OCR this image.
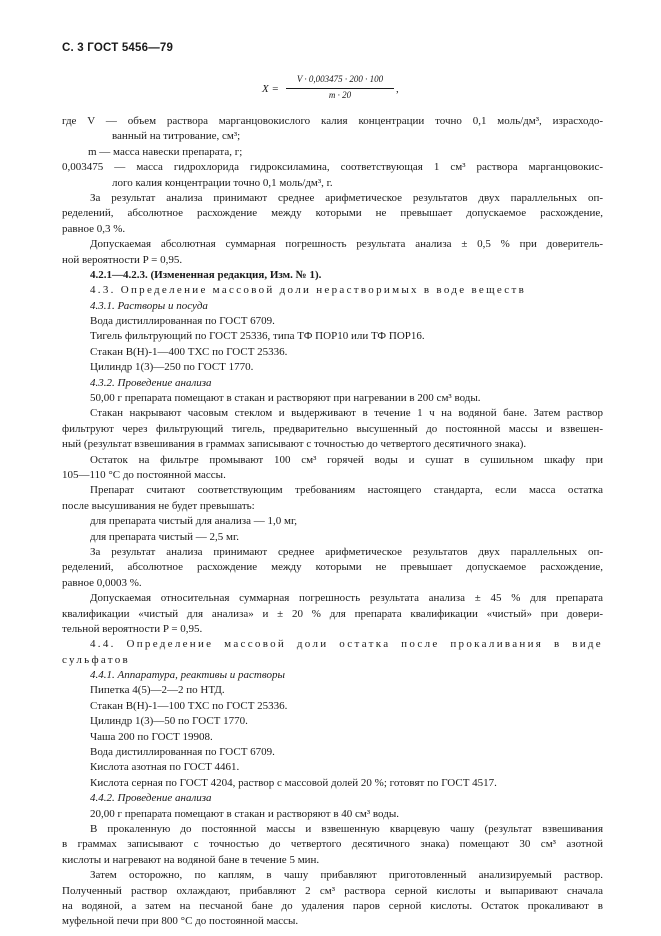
С. 3 ГОСТ 5456—79
X =
V · 0,003475 · 200 · 100
m · 20	,
где V — объем раствора марганцовокислого калия концентрации точно 0,1 моль/дм³, израсходо-
ванный на титрование, см³;
m — масса навески препарата, г;
0,003475 — масса гидрохлорида гидроксиламина, соответствующая 1 см³ раствора марганцовокис-
лого калия концентрации точно 0,1 моль/дм³, г.
За результат анализа принимают среднее арифметическое результатов двух параллельных оп-
ределений, абсолютное расхождение между которыми не превышает допускаемое расхождение,
равное 0,3 %.
Допускаемая абсолютная суммарная погрешность результата анализа ± 0,5 % при доверитель-
ной вероятности P = 0,95.
4.2.1—4.2.3. (Измененная редакция, Изм. № 1).
4.3. Определение массовой доли нерастворимых в воде веществ
4.3.1. Растворы и посуда
Вода дистиллированная по ГОСТ 6709.
Тигель фильтрующий по ГОСТ 25336, типа ТФ ПОР10 или ТФ ПОР16.
Стакан В(Н)-1—400 ТХС по ГОСТ 25336.
Цилиндр 1(3)—250 по ГОСТ 1770.
4.3.2. Проведение анализа
50,00 г препарата помещают в стакан и растворяют при нагревании в 200 см³ воды.
Стакан накрывают часовым стеклом и выдерживают в течение 1 ч на водяной бане. Затем раствор
фильтруют через фильтрующий тигель, предварительно высушенный до постоянной массы и взвешен-
ный (результат взвешивания в граммах записывают с точностью до четвертого десятичного знака).
Остаток на фильтре промывают 100 см³ горячей воды и сушат в сушильном шкафу при
105—110 °С до постоянной массы.
Препарат считают соответствующим требованиям настоящего стандарта, если масса остатка
после высушивания не будет превышать:
для препарата чистый для анализа — 1,0 мг,
для препарата чистый — 2,5 мг.
За результат анализа принимают среднее арифметическое результатов двух параллельных оп-
ределений, абсолютное расхождение между которыми не превышает допускаемое расхождение,
равное 0,0003 %.
Допускаемая относительная суммарная погрешность результата анализа ± 45 % для препарата
квалификации «чистый для анализа» и ± 20 % для препарата квалификации «чистый» при довери-
тельной вероятности P = 0,95.
4.4. Определение массовой доли остатка после прокаливания в виде
сульфатов
4.4.1. Аппаратура, реактивы и растворы
Пипетка 4(5)—2—2 по НТД.
Стакан В(Н)-1—100 ТХС по ГОСТ 25336.
Цилиндр 1(3)—50 по ГОСТ 1770.
Чаша 200 по ГОСТ 19908.
Вода дистиллированная по ГОСТ 6709.
Кислота азотная по ГОСТ 4461.
Кислота серная по ГОСТ 4204, раствор с массовой долей 20 %; готовят по ГОСТ 4517.
4.4.2. Проведение анализа
20,00 г препарата помещают в стакан и растворяют в 40 см³ воды.
В прокаленную до постоянной массы и взвешенную кварцевую чашу (результат взвешивания
в граммах записывают с точностью до четвертого десятичного знака) помещают 30 см³ азотной
кислоты и нагревают на водяной бане в течение 5 мин.
Затем осторожно, по каплям, в чашу прибавляют приготовленный анализируемый раствор.
Полученный раствор охлаждают, прибавляют 2 см³ раствора серной кислоты и выпаривают сначала
на водяной, а затем на песчаной бане до удаления паров серной кислоты. Остаток прокаливают в
муфельной печи при 800 °С до постоянной массы.
